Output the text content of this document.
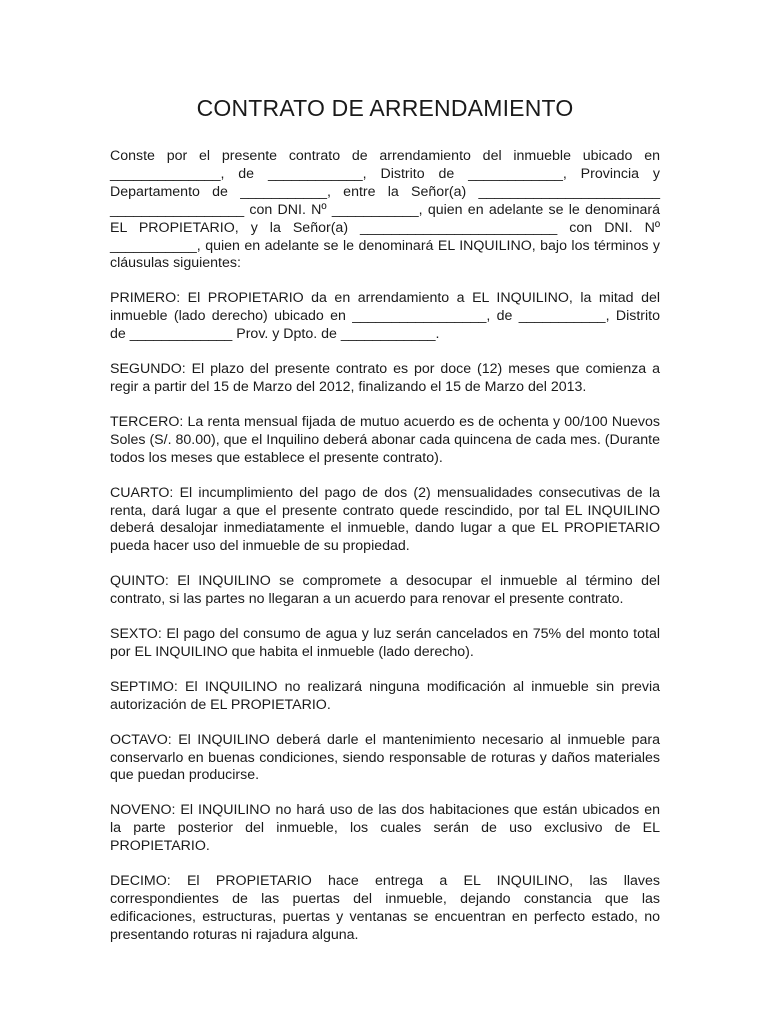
CONTRATO DE ARRENDAMIENTO

Conste por el presente contrato de arrendamiento del inmueble ubicado en ______________, de ____________, Distrito de ____________, Provincia y Departamento de ___________, entre la Señor(a) _______________________ _________________ con DNI. Nº ___________, quien en adelante se le denominará EL PROPIETARIO, y la Señor(a) _________________________ con DNI. Nº ___________, quien en adelante se le denominará EL INQUILINO, bajo los términos y cláusulas siguientes:

PRIMERO: El PROPIETARIO da en arrendamiento a EL INQUILINO, la mitad del inmueble (lado derecho) ubicado en _________________, de ___________, Distrito de _____________ Prov. y Dpto. de ____________.

SEGUNDO: El plazo del presente contrato es por doce (12) meses que comienza a regir a partir del 15 de Marzo del 2012, finalizando el 15 de Marzo del 2013.

TERCERO: La renta mensual fijada de mutuo acuerdo es de ochenta y 00/100 Nuevos Soles (S/. 80.00), que el Inquilino deberá abonar cada quincena de cada mes. (Durante todos los meses que establece el presente contrato).

CUARTO: El incumplimiento del pago de dos (2) mensualidades consecutivas de la renta, dará lugar a que el presente contrato quede rescindido, por tal EL INQUILINO deberá desalojar inmediatamente el inmueble, dando lugar a que EL PROPIETARIO pueda hacer uso del inmueble de su propiedad.

QUINTO: El INQUILINO se compromete a desocupar el inmueble al término del contrato, si las partes no llegaran a un acuerdo para renovar el presente contrato.

SEXTO: El pago del consumo de agua y luz serán cancelados en 75% del monto total por EL INQUILINO que habita el inmueble (lado derecho).

SEPTIMO: El INQUILINO no realizará ninguna modificación al inmueble sin previa autorización de EL PROPIETARIO.

OCTAVO: El INQUILINO deberá darle el mantenimiento necesario al inmueble para conservarlo en buenas condiciones, siendo responsable de roturas y daños materiales que puedan producirse.

NOVENO: El INQUILINO no hará uso de las dos habitaciones que están ubicados en la parte posterior del inmueble, los cuales serán de uso exclusivo de EL PROPIETARIO.

DECIMO: El PROPIETARIO hace entrega a EL INQUILINO, las llaves correspondientes de las puertas del inmueble, dejando constancia que las edificaciones, estructuras, puertas y ventanas se encuentran en perfecto estado, no presentando roturas ni rajadura alguna.
